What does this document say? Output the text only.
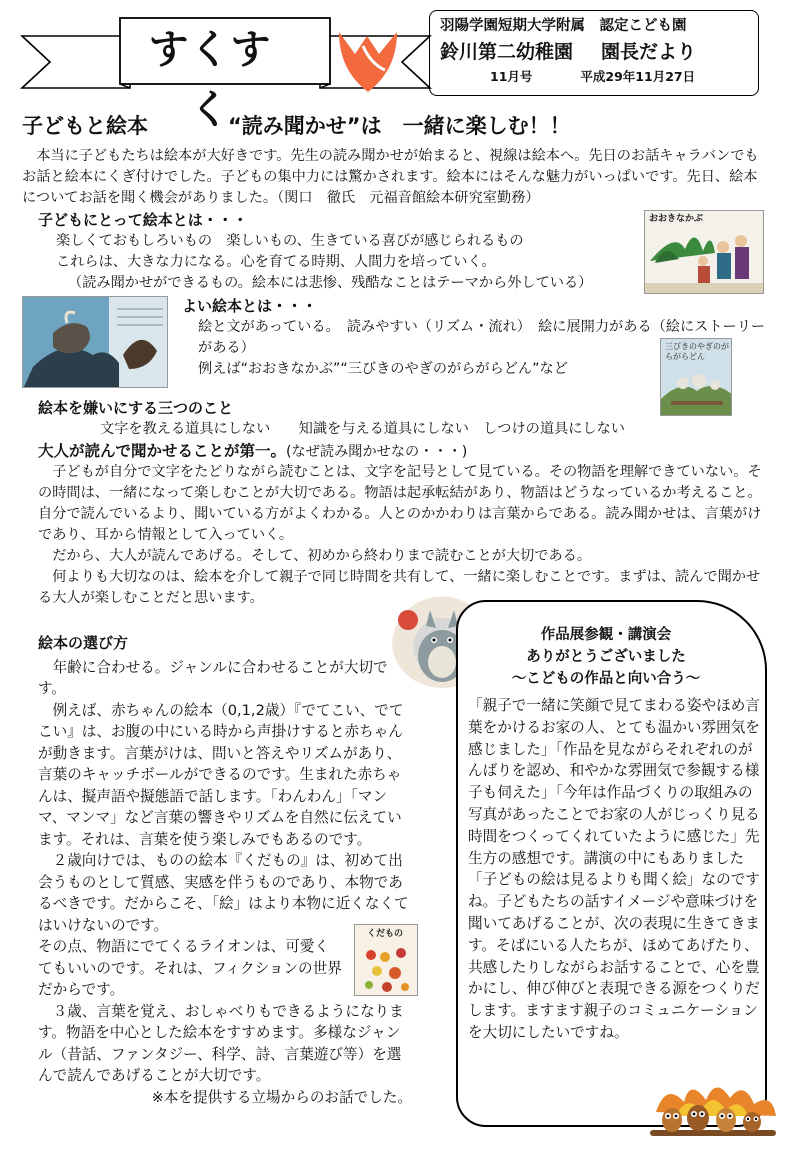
すくすく
羽陽学園短期大学附属　認定こども園
鈴川第二幼稚園 園長だより
11月号	平成29年11月27日
子どもと絵本	“読み聞かせ”は　一緒に楽しむ！！
本当に子どもたちは絵本が大好きです。先生の読み聞かせが始まると、視線は絵本へ。先日のお話キャラバンでもお話と絵本にくぎ付けでした。子どもの集中力には驚かされます。絵本にはそんな魅力がいっぱいです。先日、絵本についてお話を聞く機会がありました。（関口　徹氏　元福音館絵本研究室勤務）
子どもにとって絵本とは・・・
楽しくておもしろいもの　楽しいもの、生きている喜びが感じられるもの
これらは、大きな力になる。心を育てる時期、人間力を培っていく。
（読み聞かせができるもの。絵本には悲惨、残酷なことはテーマから外している）
おおきなかぶ
よい絵本とは・・・
絵と文があっている。　読みやすい（リズム・流れ）　絵に展開力がある（絵にストーリーがある）
例えば“おおきなかぶ”“三びきのやぎのがらがらどん”など
三びきのやぎのがらがらどん
絵本を嫌いにする三つのこと
文字を教える道具にしない　　知識を与える道具にしない　しつけの道具にしない
大人が読んで聞かせることが第一。(なぜ読み聞かせなの・・・)
子どもが自分で文字をたどりながら読むことは、文字を記号として見ている。その物語を理解できていない。その時間は、一緒になって楽しむことが大切である。物語は起承転結があり、物語はどうなっているか考えること。自分で読んでいるより、聞いている方がよくわかる。人とのかかわりは言葉からである。読み聞かせは、言葉がけであり、耳から情報として入っていく。
だから、大人が読んであげる。そして、初めから終わりまで読むことが大切である。
何よりも大切なのは、絵本を介して親子で同じ時間を共有して、一緒に楽しむことです。まずは、読んで聞かせる大人が楽しむことだと思います。
作品展参観・講演会
ありがとうございました
～こどもの作品と向い合う～
「親子で一緒に笑顔で見てまわる姿やほめ言葉をかけるお家の人、とても温かい雰囲気を感じました」「作品を見ながらそれぞれのがんばりを認め、和やかな雰囲気で参観する様子も伺えた」「今年は作品づくりの取組みの写真があったことでお家の人がじっくり見る時間をつくってくれていたように感じた」先生方の感想です。講演の中にもありました「子どもの絵は見るよりも聞く絵」なのですね。子どもたちの話すイメージや意味づけを聞いてあげることが、次の表現に生きてきます。そばにいる人たちが、ほめてあげたり、共感したりしながらお話することで、心を豊かにし、伸び伸びと表現できる源をつくりだします。ますます親子のコミュニケーションを大切にしたいですね。
絵本の選び方

年齢に合わせる。ジャンルに合わせることが大切です。

例えば、赤ちゃんの絵本（0,1,2歳）『でてこい、でてこい』は、お腹の中にいる時から声掛けすると赤ちゃんが動きます。言葉がけは、問いと答えやリズムがあり、言葉のキャッチボールができるのです。生まれた赤ちゃんは、擬声語や擬態語で話します。「わんわん」「マンマ、マンマ」など言葉の響きやリズムを自然に伝えています。それは、言葉を使う楽しみでもあるのです。

２歳向けでは、ものの絵本『くだもの』は、初めて出会うものとして質感、実感を伴うものであり、本物であるべきです。だからこそ、「絵」はより本物に近くなくてはいけないのです。

その点、物語にでてくるライオンは、可愛くてもいいのです。それは、フィクションの世界だからです。

３歳、言葉を覚え、おしゃべりもできるようになります。物語を中心とした絵本をすすめます。多様なジャンル（昔話、ファンタジー、科学、詩、言葉遊び等）を選んで読んであげることが大切です。

※本を提供する立場からのお話でした。
くだもの
